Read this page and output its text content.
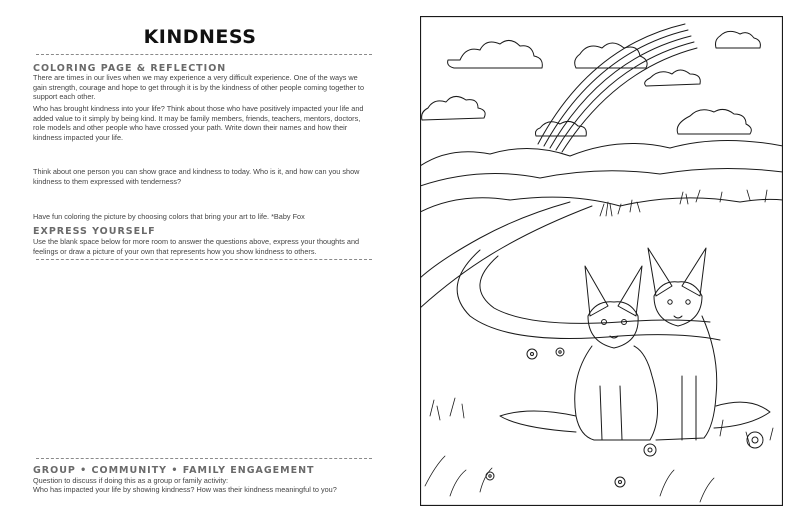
KINDNESS
COLORING PAGE & REFLECTION

There are times in our lives when we may experience a very difficult experience. One of the ways we gain strength, courage and hope to get through it is by the kindness of other people coming together to support each other.

Who has brought kindness into your life? Think about those who have positively impacted your life and added value to it simply by being kind. It may be family members, friends, teachers, mentors, doctors, role models and other people who have crossed your path. Write down their names and how their kindness impacted your life.

Think about one person you can show grace and kindness to today. Who is it, and how can you show kindness to them expressed with tenderness?

Have fun coloring the picture by choosing colors that bring your art to life. *Baby Fox

EXPRESS YOURSELF

Use the blank space below for more room to answer the questions above, express your thoughts and feelings or draw a picture of your own that represents how you show kindness to others.

GROUP • COMMUNITY • FAMILY ENGAGEMENT

Question to discuss if doing this as a group or family activity:

Who has impacted your life by showing kindness? How was their kindness meaningful to you?
